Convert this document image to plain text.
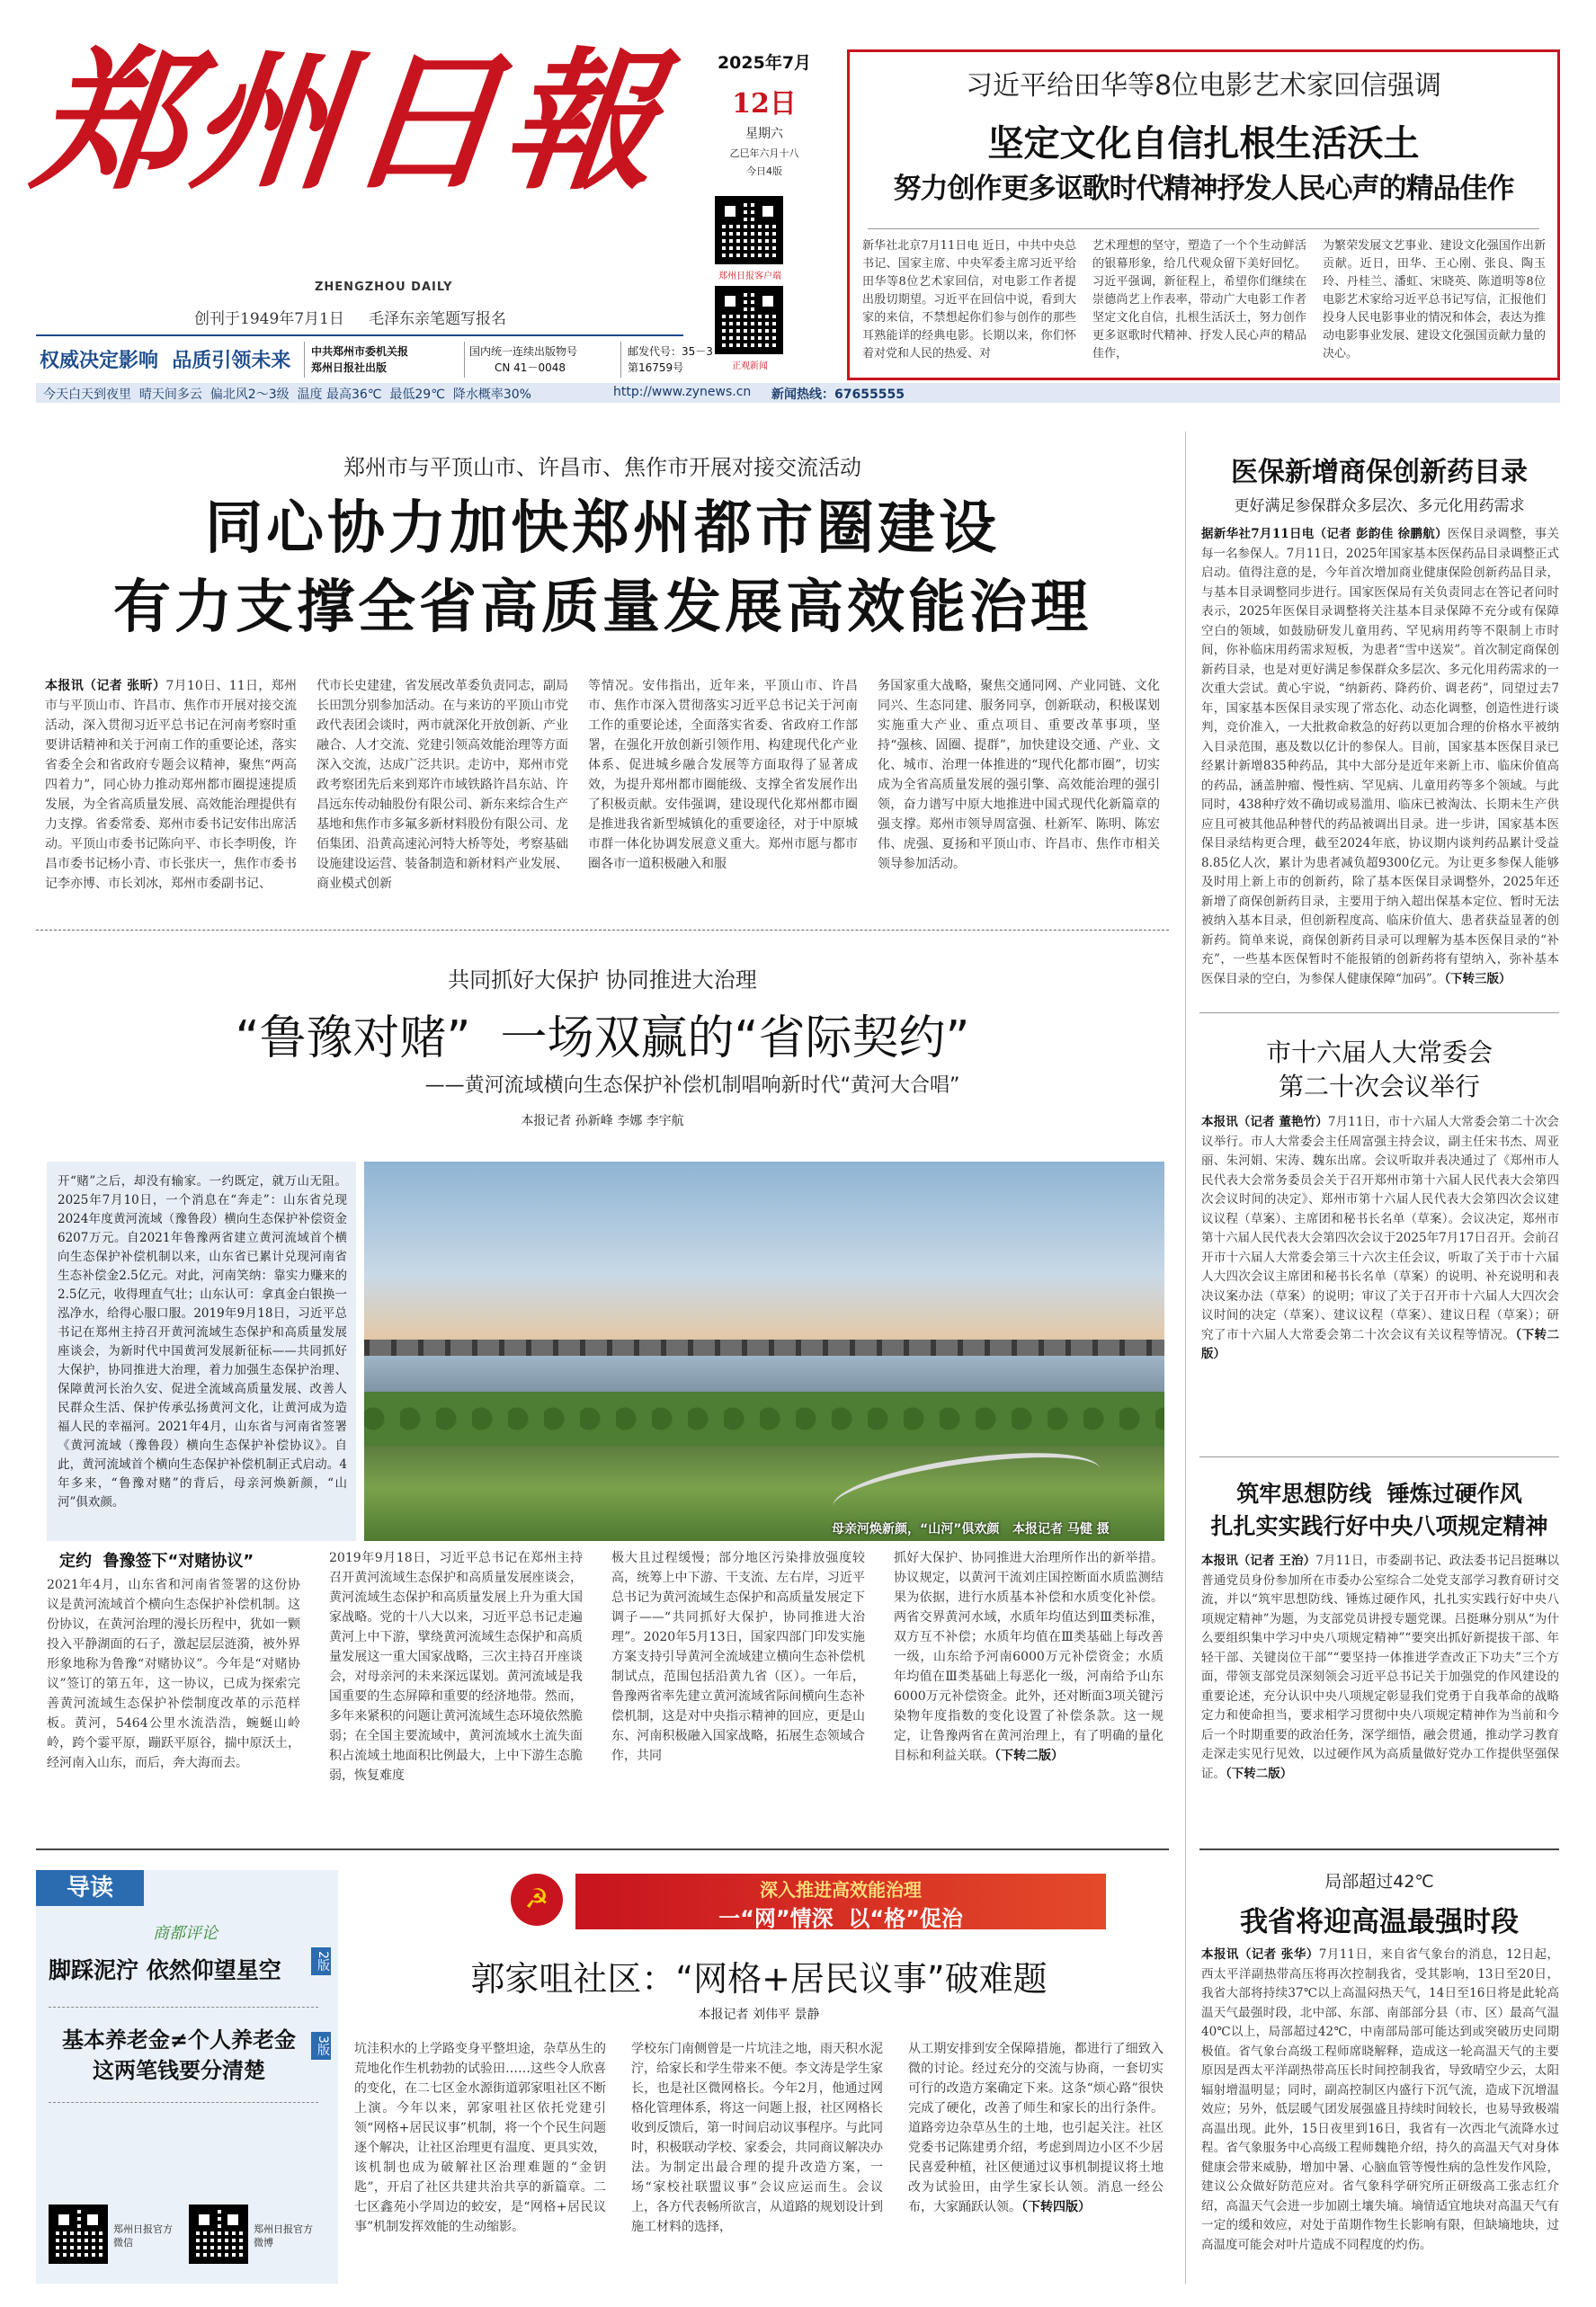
郑州日報
ZHENGZHOU DAILY
创刊于1949年7月1日 毛泽东亲笔题写报名
权威决定影响  品质引领未来 中共郑州市委机关报
郑州日报社出版
国内统一连续出版物号
CN 41－0048
邮发代号：35－3
第16759号
2025年7月
12日
星期六
乙巳年六月十八
今日4版
郑州日报客户端
正观新闻
今天白天到夜里  晴天间多云  偏北风2～3级  温度 最高36℃  最低29℃  降水概率30%	http://www.zynews.cn 新闻热线：67655555
习近平给田华等8位电影艺术家回信强调
坚定文化自信扎根生活沃土
努力创作更多讴歌时代精神抒发人民心声的精品佳作
新华社北京7月11日电 近日，中共中央总书记、国家主席、中央军委主席习近平给田华等8位艺术家回信，对电影工作者提出殷切期望。习近平在回信中说，看到大家的来信，不禁想起你们参与创作的那些耳熟能详的经典电影。长期以来，你们怀着对党和人民的热爱、对
艺术理想的坚守，塑造了一个个生动鲜活的银幕形象，给几代观众留下美好回忆。习近平强调，新征程上，希望你们继续在崇德尚艺上作表率，带动广大电影工作者坚定文化自信，扎根生活沃土，努力创作更多讴歌时代精神、抒发人民心声的精品佳作，
为繁荣发展文艺事业、建设文化强国作出新贡献。近日，田华、王心刚、张良、陶玉玲、丹桂兰、潘虹、宋晓英、陈道明等8位电影艺术家给习近平总书记写信，汇报他们投身人民电影事业的情况和体会，表达为推动电影事业发展、建设文化强国贡献力量的决心。
郑州市与平顶山市、许昌市、焦作市开展对接交流活动
同心协力加快郑州都市圈建设
有力支撑全省高质量发展高效能治理
本报讯（记者 张昕）7月10日、11日，郑州市与平顶山市、许昌市、焦作市开展对接交流活动，深入贯彻习近平总书记在河南考察时重要讲话精神和关于河南工作的重要论述，落实省委全会和省政府专题会议精神，聚焦“两高四着力”，同心协力推动郑州都市圈提速提质发展，为全省高质量发展、高效能治理提供有力支撑。省委常委、郑州市委书记安伟出席活动。平顶山市委书记陈向平、市长李明俊，许昌市委书记杨小青、市长张庆一，焦作市委书记李亦博、市长刘冰，郑州市委副书记、
代市长史建建，省发展改革委负责同志，副局长田凯分别参加活动。在与来访的平顶山市党政代表团会谈时，两市就深化开放创新、产业融合、人才交流、党建引领高效能治理等方面深入交流，达成广泛共识。走访中，郑州市党政考察团先后来到郑许市域铁路许昌东站、许昌远东传动轴股份有限公司、新东来综合生产基地和焦作市多氟多新材料股份有限公司、龙佰集团、沿黄高速沁河特大桥等处，考察基础设施建设运营、装备制造和新材料产业发展、商业模式创新
等情况。安伟指出，近年来，平顶山市、许昌市、焦作市深入贯彻落实习近平总书记关于河南工作的重要论述，全面落实省委、省政府工作部署，在强化开放创新引领作用、构建现代化产业体系、促进城乡融合发展等方面取得了显著成效，为提升郑州都市圈能级、支撑全省发展作出了积极贡献。安伟强调，建设现代化郑州都市圈是推进我省新型城镇化的重要途径，对于中原城市群一体化协调发展意义重大。郑州市愿与都市圈各市一道积极融入和服
务国家重大战略，聚焦交通同网、产业同链、文化同兴、生态同建、服务同享，创新联动，积极谋划实施重大产业、重点项目、重要改革事项，坚持“强核、固圈、提群”，加快建设交通、产业、文化、城市、治理一体推进的“现代化都市圈”，切实成为全省高质量发展的强引擎、高效能治理的强引领，奋力谱写中原大地推进中国式现代化新篇章的强支撑。郑州市领导周富强、杜新军、陈明、陈宏伟、虎强、夏扬和平顶山市、许昌市、焦作市相关领导参加活动。
共同抓好大保护 协同推进大治理
“鲁豫对赌”  一场双赢的“省际契约”
——黄河流域横向生态保护补偿机制唱响新时代“黄河大合唱”
本报记者 孙新峰 李娜 李宇航
开“赌”之后，却没有输家。一约既定，就万山无阻。2025年7月10日，一个消息在“奔走”：山东省兑现2024年度黄河流域（豫鲁段）横向生态保护补偿资金6207万元。自2021年鲁豫两省建立黄河流域首个横向生态保护补偿机制以来，山东省已累计兑现河南省生态补偿金2.5亿元。对此，河南笑纳：靠实力赚来的2.5亿元，收得理直气壮；山东认可：拿真金白银换一泓净水，给得心服口服。2019年9月18日，习近平总书记在郑州主持召开黄河流域生态保护和高质量发展座谈会，为新时代中国黄河发展新征标——共同抓好大保护，协同推进大治理，着力加强生态保护治理、保障黄河长治久安、促进全流域高质量发展、改善人民群众生活、保护传承弘扬黄河文化，让黄河成为造福人民的幸福河。2021年4月，山东省与河南省签署《黄河流域（豫鲁段）横向生态保护补偿协议》。自此，黄河流域首个横向生态保护补偿机制正式启动。4年多来，“鲁豫对赌”的背后，母亲河焕新颜，“山河”俱欢颜。
母亲河焕新颜，“山河”俱欢颜 本报记者 马健 摄
定约  鲁豫签下“对赌协议”
2021年4月，山东省和河南省签署的这份协议是黄河流域首个横向生态保护补偿机制。这份协议，在黄河治理的漫长历程中，犹如一颗投入平静湖面的石子，激起层层涟漪，被外界形象地称为鲁豫“对赌协议”。今年是“对赌协议”签订的第五年，这一协议，已成为探索完善黄河流域生态保护补偿制度改革的示范样板。黄河，5464公里水流浩浩，蜿蜒山岭岭，跨个霎平原，蹦跃平原谷，揣中原沃土，经河南入山东，而后，奔大海而去。
2019年9月18日，习近平总书记在郑州主持召开黄河流域生态保护和高质量发展座谈会，黄河流域生态保护和高质量发展上升为重大国家战略。党的十八大以来，习近平总书记走遍黄河上中下游，擘绕黄河流域生态保护和高质量发展这一重大国家战略，三次主持召开座谈会，对母亲河的未来深远谋划。黄河流域是我国重要的生态屏障和重要的经济地带。然而，多年来紧积的问题让黄河流域生态环境依然脆弱；在全国主要流域中，黄河流域水土流失面积占流域土地面积比例最大，上中下游生态脆弱，恢复难度
极大且过程缓慢；部分地区污染排放强度较高，统筹上中下游、干支流、左右岸，习近平总书记为黄河流域生态保护和高质量发展定下调子——“共同抓好大保护，协同推进大治理”。2020年5月13日，国家四部门印发实施方案支持引导黄河全流域建立横向生态补偿机制试点，范围包括沿黄九省（区）。一年后，鲁豫两省率先建立黄河流域省际间横向生态补偿机制，这是对中央指示精神的回应，更是山东、河南积极融入国家战略，拓展生态领域合作，共同
抓好大保护、协同推进大治理所作出的新举措。协议规定，以黄河干流刘庄国控断面水质监测结果为依据，进行水质基本补偿和水质变化补偿。两省交界黄河水域，水质年均值达到Ⅲ类标准，双方互不补偿；水质年均值在Ⅲ类基础上每改善一级，山东给予河南6000万元补偿资金；水质年均值在Ⅲ类基础上每恶化一级，河南给予山东6000万元补偿资金。此外，还对断面3项关键污染物年度指数的变化设置了补偿条款。这一规定，让鲁豫两省在黄河治理上，有了明确的量化目标和利益关联。（下转二版）
导读
商都评论
脚踩泥泞 依然仰望星空	2版
基本养老金≠个人养老金
这两笔钱要分清楚
3版
郑州日报官方微信
郑州日报官方微博
☭	深入推进高效能治理
一“网”情深  以“格”促治
郭家咀社区：“网格+居民议事”破难题
本报记者 刘伟平 景静
坑洼积水的上学路变身平整坦途，杂草丛生的荒地化作生机勃勃的试验田……这些令人欣喜的变化，在二七区金水源街道郭家咀社区不断上演。今年以来，郭家咀社区依托党建引领“网格+居民议事”机制，将一个个民生问题逐个解决，让社区治理更有温度、更具实效，该机制也成为破解社区治理难题的“金钥匙”，开启了社区共建共治共享的新篇章。二七区鑫苑小学周边的蛟安，是“网格+居民议事”机制发挥效能的生动缩影。
学校东门南侧曾是一片坑洼之地，雨天积水泥泞，给家长和学生带来不便。李文涛是学生家长，也是社区微网格长。今年2月，他通过网格化管理体系，将这一问题上报，社区网格长收到反馈后，第一时间启动议事程序。与此同时，积极联动学校、家委会，共同商议解决办法。为制定出最合理的提升改造方案，一场“家校社联盟议事”会议应运而生。会议上，各方代表畅所欲言，从道路的规划设计到施工材料的选择，
从工期安排到安全保障措施，都进行了细致入微的讨论。经过充分的交流与协商，一套切实可行的改造方案确定下来。这条“烦心路”很快完成了硬化，改善了师生和家长的出行条件。道路旁边杂草丛生的土地，也引起关注。社区党委书记陈建勇介绍，考虑到周边小区不少居民喜爱种植，社区便通过议事机制提议将土地改为试验田，由学生家长认领。消息一经公布，大家踊跃认领。（下转四版）
医保新增商保创新药目录
更好满足参保群众多层次、多元化用药需求
据新华社7月11日电（记者 彭韵佳 徐鹏航）医保目录调整，事关每一名参保人。7月11日，2025年国家基本医保药品目录调整正式启动。值得注意的是，今年首次增加商业健康保险创新药品目录，与基本目录调整同步进行。国家医保局有关负责同志在答记者问时表示，2025年医保目录调整将关注基本目录保障不充分或有保障空白的领域，如鼓励研发儿童用药、罕见病用药等不限制上市时间，你补临床用药需求短板，为患者“雪中送炭”。首次制定商保创新药目录，也是对更好满足参保群众多层次、多元化用药需求的一次重大尝试。黄心宇说，“纳新药、降药价、调老药”，同望过去7年，国家基本医保目录实现了常态化、动态化调整，创造性进行谈判，竞价准入，一大批救命救急的好药以更加合理的价格水平被纳入目录范围，惠及数以亿计的参保人。目前，国家基本医保目录已经累计新增835种药品，其中大部分是近年来新上市、临床价值高的药品，涵盖肿瘤、慢性病、罕见病、儿童用药等多个领域。与此同时，438种疗效不确切或易滥用、临床已被淘汰、长期未生产供应且可被其他品种替代的药品被调出目录。进一步讲，国家基本医保目录结构更合理，截至2024年底，协议期内谈判药品累计受益8.85亿人次，累计为患者减负超9300亿元。为让更多参保人能够及时用上新上市的创新药，除了基本医保目录调整外，2025年还新增了商保创新药目录，主要用于纳入超出保基本定位、暂时无法被纳入基本目录，但创新程度高、临床价值大、患者获益显著的创新药。简单来说，商保创新药目录可以理解为基本医保目录的“补充”，一些基本医保暂时不能报销的创新药将有望纳入，弥补基本医保目录的空白，为参保人健康保障“加码”。（下转三版）
市十六届人大常委会
第二十次会议举行
本报讯（记者 董艳竹）7月11日，市十六届人大常委会第二十次会议举行。市人大常委会主任周富强主持会议，副主任宋书杰、周亚丽、朱河娟、宋涛、魏东出席。会议听取并表决通过了《郑州市人民代表大会常务委员会关于召开郑州市第十六届人民代表大会第四次会议时间的决定》、郑州市第十六届人民代表大会第四次会议建议议程（草案）、主席团和秘书长名单（草案）。会议决定，郑州市第十六届人民代表大会第四次会议于2025年7月17日召开。会前召开市十六届人大常委会第三十六次主任会议，听取了关于市十六届人大四次会议主席团和秘书长名单（草案）的说明、补充说明和表决议案办法（草案）的说明；审议了关于召开市十六届人大四次会议时间的决定（草案）、建议议程（草案）、建议日程（草案）；研究了市十六届人大常委会第二十次会议有关议程等情况。（下转二版）
筑牢思想防线  锤炼过硬作风
扎扎实实践行好中央八项规定精神
本报讯（记者 王治）7月11日，市委副书记、政法委书记吕挺琳以普通党员身份参加所在市委办公室综合二处党支部学习教育研讨交流，并以“筑牢思想防线、锤炼过硬作风，扎扎实实践行好中央八项规定精神”为题，为支部党员讲授专题党课。吕挺琳分别从“为什么要组织集中学习中央八项规定精神”“要突出抓好新提拔干部、年轻干部、关键岗位干部”“要坚持一体推进学查改正下功夫”三个方面，带领支部党员深刻领会习近平总书记关于加强党的作风建设的重要论述，充分认识中央八项规定彰显我们党勇于自我革命的战略定力和使命担当，要求相学习贯彻中央八项规定精神作为当前和今后一个时期重要的政治任务，深学细悟，融会贯通，推动学习教育走深走实见行见效，以过硬作风为高质量做好党办工作提供坚强保证。（下转二版）
局部超过42℃
我省将迎高温最强时段
本报讯（记者 张华）7月11日，来自省气象台的消息，12日起，西太平洋副热带高压将再次控制我省，受其影响，13日至20日，我省大部将持续37℃以上高温闷热天气，14日至16日将是此轮高温天气最强时段，北中部、东部、南部部分县（市、区）最高气温40℃以上，局部超过42℃，中南部局部可能达到或突破历史同期极值。省气象台高级工程师席晓解释，造成这一轮高温天气的主要原因是西太平洋副热带高压长时间控制我省，导致晴空少云，太阳辐射增温明显；同时，副高控制区内盛行下沉气流，造成下沉增温效应；另外，低层暖气团发展强盛且持续时间较长，也易导致极端高温出现。此外，15日夜里到16日，我省有一次西北气流降水过程。省气象服务中心高级工程师魏艳介绍，持久的高温天气对身体健康会带来威胁，增加中暑、心脑血管等慢性病的急性发作风险，建议公众做好防范应对。省气象科学研究所正研级高工张志红介绍，高温天气会进一步加剧土壤失墒。墒情适宜地块对高温天气有一定的缓和效应，对处于苗期作物生长影响有限，但缺墒地块，过高温度可能会对叶片造成不同程度的灼伤。
